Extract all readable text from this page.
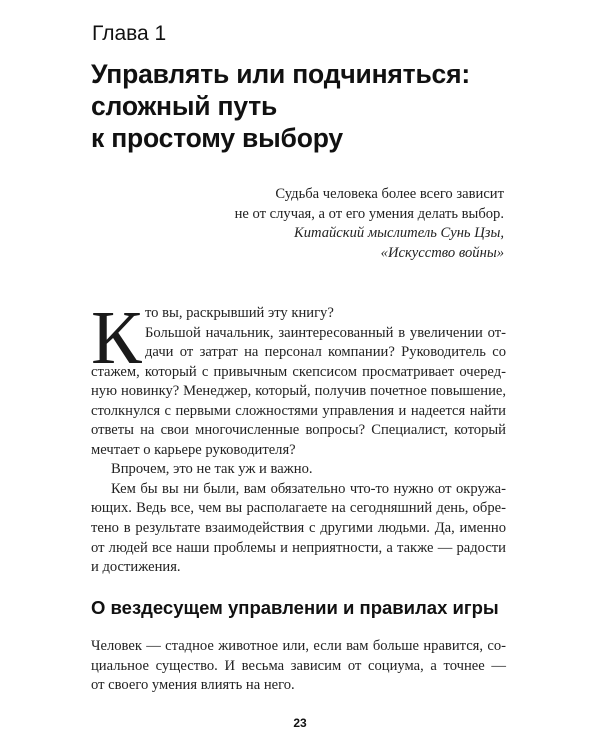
Глава 1
Управлять или подчиняться:
сложный путь
к простому выбору
Судьба человека более всего зависит
не от случая, а от его умения делать выбор.
Китайский мыслитель Сунь Цзы,
«Искусство войны»
К то вы, раскрывший эту книгу?
Большой начальник, заинтересованный в увеличении от-
дачи от затрат на персонал компании? Руководитель со
стажем, который с привычным скепсисом просматривает очеред-
ную новинку? Менеджер, который, получив почетное повышение,
столкнулся с первыми сложностями управления и надеется найти
ответы на свои многочисленные вопросы? Специалист, который
мечтает о карьере руководителя?
Впрочем, это не так уж и важно.
Кем бы вы ни были, вам обязательно что-то нужно от окружа-
ющих. Ведь все, чем вы располагаете на сегодняшний день, обре-
тено в результате взаимодействия с другими людьми. Да, именно
от людей все наши проблемы и неприятности, а также — радости
и достижения.
О вездесущем управлении и правилах игры
Человек — стадное животное или, если вам больше нравится, со-
циальное существо. И весьма зависим от социума, а точнее —
от своего умения влиять на него.
23
